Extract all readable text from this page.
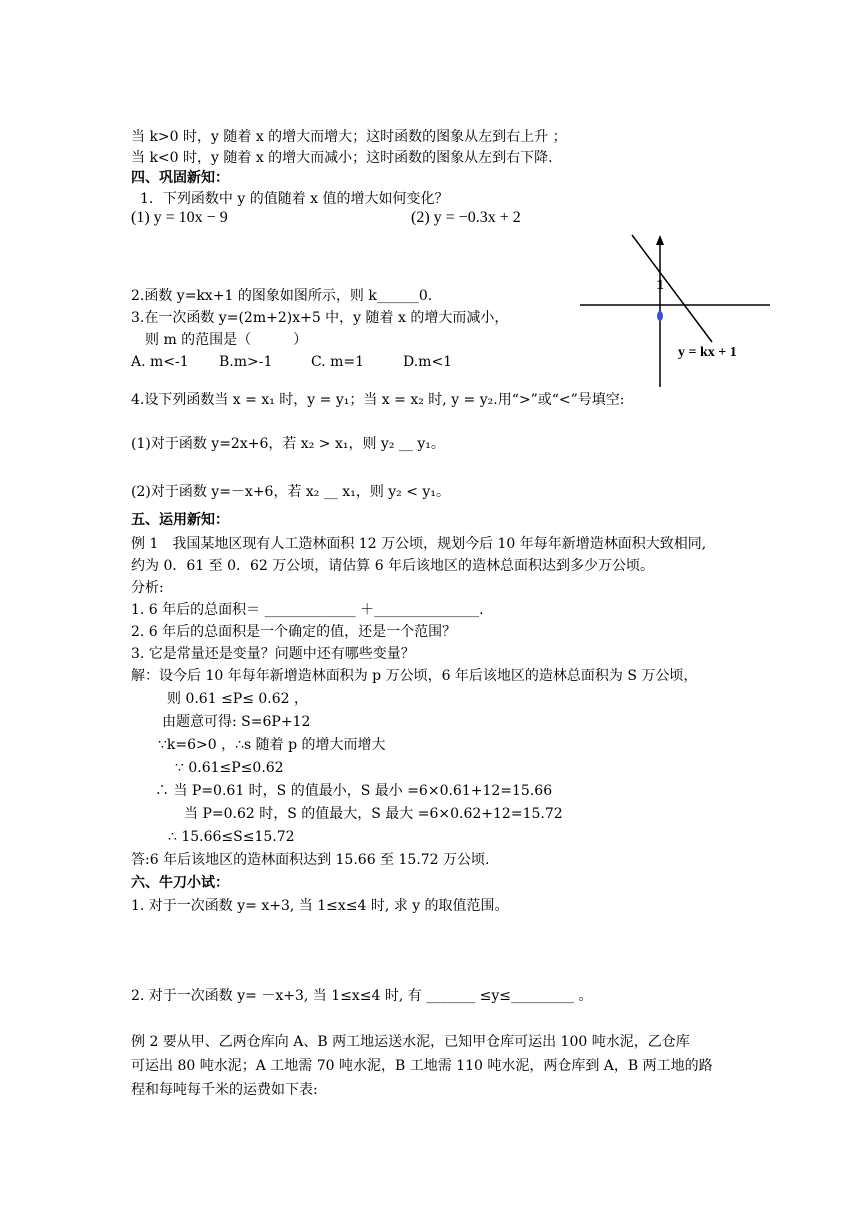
当 k>0 时，y 随着 x 的增大而增大；这时函数的图象从左到右上升 ；
当 k<0 时，y 随着 x 的增大而减小；这时函数的图象从左到右下降.
四、巩固新知：
1．下列函数中 y 的值随着 x 值的增大如何变化？
(1) y = 10x − 9	(2) y = −0.3x + 2
2.函数 y=kx+1 的图象如图所示，则 k______0.
3.在一次函数 y=(2m+2)x+5 中，y 随着 x 的增大而减小，
则 m 的范围是（　　　）
A. m<-1 B.m>-1	C. m=1	D.m<1
4.设下列函数当 x = x₁ 时，y = y₁；当 x = x₂ 时, y = y₂.用“>”或“<”号填空:
(1)对于函数 y=2x+6，若 x₂ > x₁，则 y₂ __ y₁。
(2)对于函数 y=－x+6，若 x₂ __ x₁，则 y₂ < y₁。
1
y = kx + 1
五、运用新知：
例 1　我国某地区现有人工造林面积 12 万公顷，规划今后 10 年每年新增造林面积大致相同,
约为 0．61 至 0．62 万公顷，请估算 6 年后该地区的造林总面积达到多少万公顷。
分析:
1. 6 年后的总面积＝ _____________ ＋_______________.
2. 6 年后的总面积是一个确定的值，还是一个范围？
3. 它是常量还是变量？问题中还有哪些变量？
解：设今后 10 年每年新增造林面积为 p 万公顷，6 年后该地区的造林总面积为 S 万公顷，
则 0.61 ≤P≤ 0.62 ，
由题意可得: S=6P+12
∵k=6>0 ，∴s 随着 p 的增大而增大
∵ 0.61≤P≤0.62
∴ 当 P=0.61 时，S 的值最小，S 最小 =6×0.61+12=15.66
当 P=0.62 时，S 的值最大，S 最大 =6×0.62+12=15.72
∴ 15.66≤S≤15.72
答:6 年后该地区的造林面积达到 15.66 至 15.72 万公顷.
六、牛刀小试：
1. 对于一次函数 y= x+3, 当 1≤x≤4 时, 求 y 的取值范围。
2. 对于一次函数 y= －x+3, 当 1≤x≤4 时, 有 _______ ≤y≤_________ 。
例 2 要从甲、乙两仓库向 A、B 两工地运送水泥，已知甲仓库可运出 100 吨水泥，乙仓库
可运出 80 吨水泥；A 工地需 70 吨水泥，B 工地需 110 吨水泥，两仓库到 A，B 两工地的路
程和每吨每千米的运费如下表:
